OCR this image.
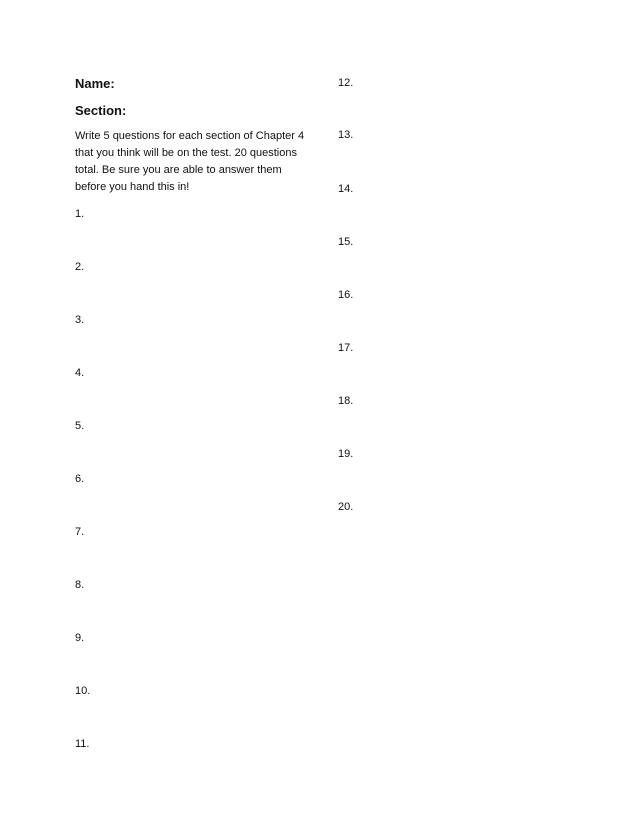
Name:
Section:
Write 5 questions for each section of Chapter 4 that you think will be on the test. 20 questions total. Be sure you are able to answer them before you hand this in!
1.
2.
3.
4.
5.
6.
7.
8.
9.
10.
11.
12.
13.
14.
15.
16.
17.
18.
19.
20.
